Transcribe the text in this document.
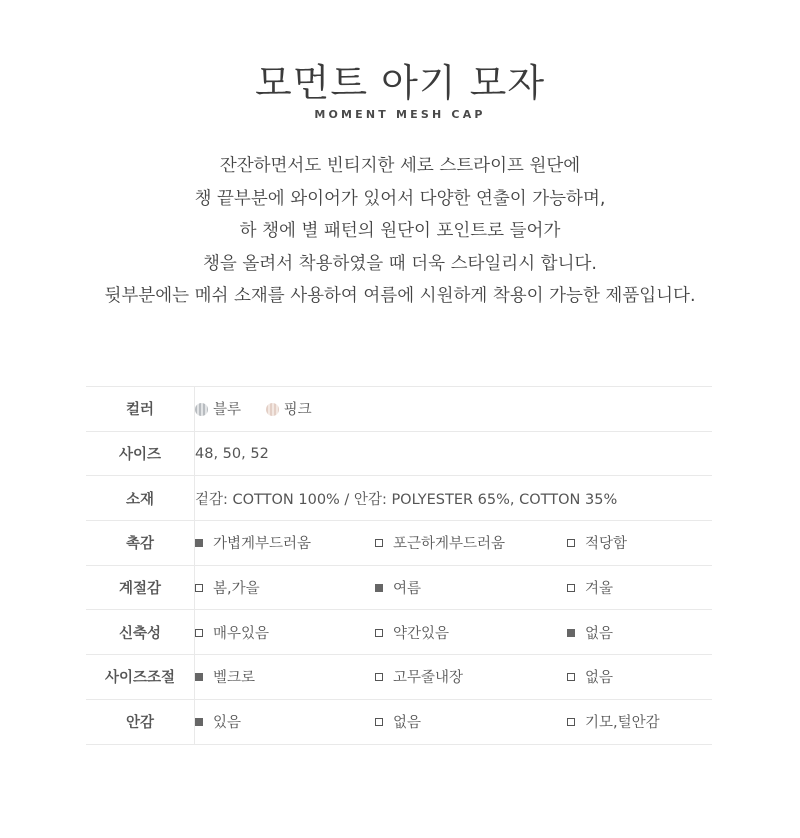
모먼트 아기 모자
MOMENT MESH CAP
잔잔하면서도 빈티지한 세로 스트라이프 원단에
챙 끝부분에 와이어가 있어서 다양한 연출이 가능하며,
하 챙에 별 패턴의 원단이 포인트로 들어가
챙을 올려서 착용하였을 때 더욱 스타일리시 합니다.
뒷부분에는 메쉬 소재를 사용하여 여름에 시원하게 착용이 가능한 제품입니다.
컬러	블루 핑크
사이즈	48, 50, 52
소재	겉감: COTTON 100% / 안감: POLYESTER 65%, COTTON 35%
촉감	가볍게부드러움 포근하게부드러움 적당함
계절감	봄,가을 여름 겨울
신축성	매우있음 약간있음 없음
사이즈조절	벨크로 고무줄내장 없음
안감	있음 없음 기모,털안감
